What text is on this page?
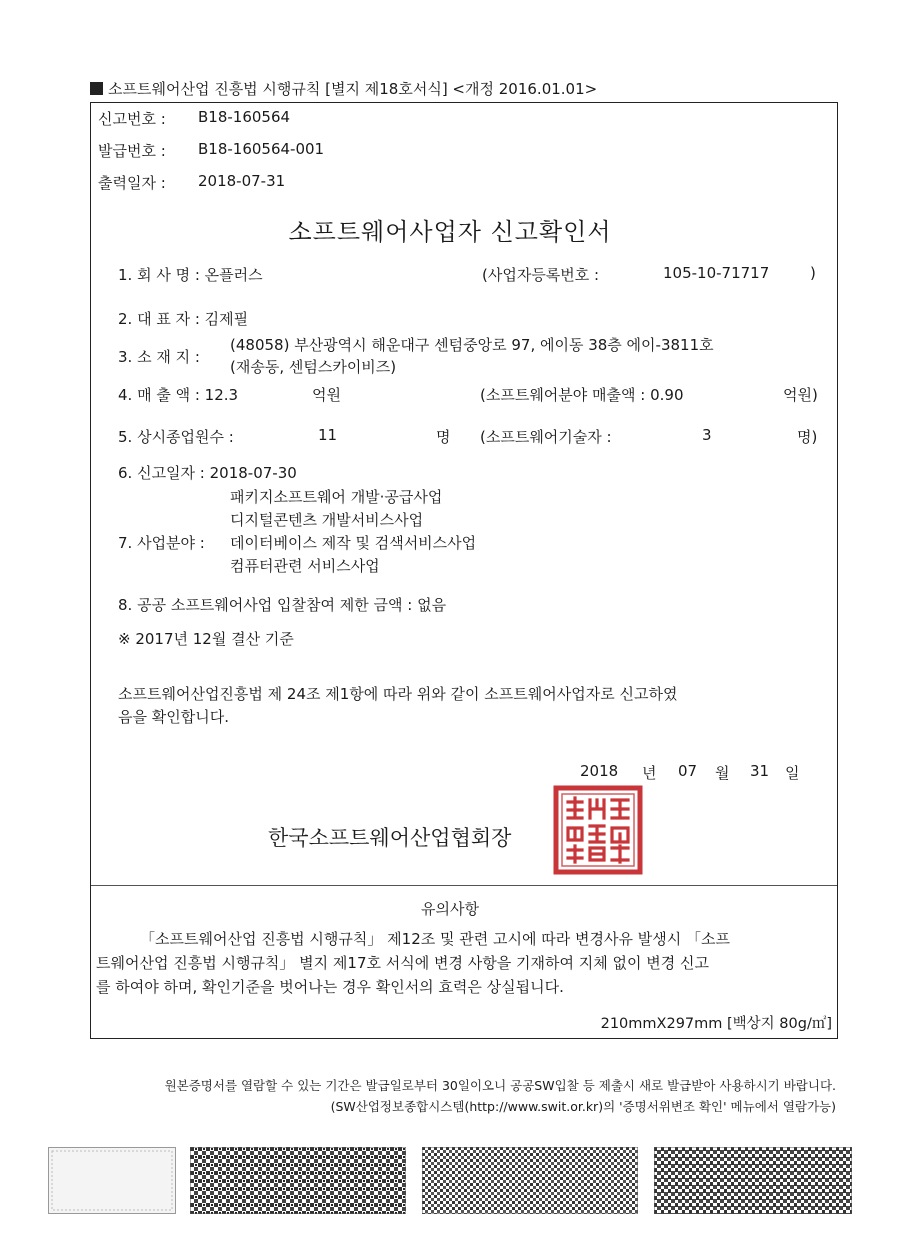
소프트웨어산업 진흥법 시행규칙 [별지 제18호서식] <개정 2016.01.01>
신고번호 : B18-160564
발급번호 : B18-160564-001
출력일자 : 2018-07-31
소프트웨어사업자 신고확인서
1. 회 사 명 : 온플러스	(사업자등록번호 :	105-10-71717	)
2. 대 표 자 : 김제필
3. 소 재 지 :
(48058) 부산광역시 해운대구 센텀중앙로 97, 에이동 38층 에이-3811호
(재송동, 센텀스카이비즈)
4. 매 출 액 : 12.3	억원	(소프트웨어분야 매출액 : 0.90	억원)
5. 상시종업원수 :	11	명 (소프트웨어기술자 :	3	명)
6. 신고일자 : 2018-07-30
7. 사업분야 :
패키지소프트웨어 개발·공급사업
디지털콘텐츠 개발서비스사업
데이터베이스 제작 및 검색서비스사업
컴퓨터관련 서비스사업
8. 공공 소프트웨어사업 입찰참여 제한 금액 : 없음
※ 2017년 12월 결산 기준
소프트웨어산업진흥법 제 24조 제1항에 따라 위와 같이 소프트웨어사업자로 신고하였
음을 확인합니다.
2018 년 07 월 31 일
한국소프트웨어산업협회장
유의사항
「소프트웨어산업 진흥법 시행규칙」 제12조 및 관련 고시에 따라 변경사유 발생시 「소프
트웨어산업 진흥법 시행규칙」 별지 제17호 서식에 변경 사항을 기재하여 지체 없이 변경 신고
를 하여야 하며, 확인기준을 벗어나는 경우 확인서의 효력은 상실됩니다.
210mmX297mm [백상지 80g/㎡]
원본증명서를 열람할 수 있는 기간은 발급일로부터 30일이오니 공공SW입찰 등 제출시 새로 발급받아 사용하시기 바랍니다.
(SW산업정보종합시스템(http://www.swit.or.kr)의 '증명서위변조 확인' 메뉴에서 열람가능)
